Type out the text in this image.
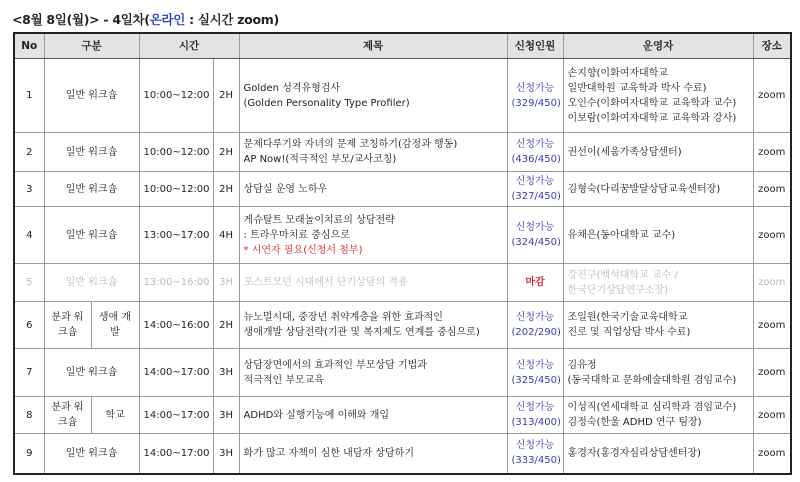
<8월 8일(월)> - 4일차(온라인 : 실시간 zoom)
No	구분		시간		제목	신청인원	운영자	장소
1	일반 워크숍		10:00~12:00	2H	Golden 성격유형검사
(Golden Personality Type Profiler)	신청가능
(329/450)	손지향(이화여자대학교
일반대학원 교육학과 박사 수료)
오인수(이화여자대학교 교육학과 교수)
이보람(이화여자대학교 교육학과 강사)	zoom
2	일반 워크숍		10:00~12:00	2H	문제다루기와 자녀의 문제 코칭하기(감정과 행동)
AP Now!(적극적인 부모/교사코칭)	신청가능
(436/450)	권선이(세움가족상담센터)	zoom
3	일반 워크숍		10:00~12:00	2H	상담실 운영 노하우	신청가능
(327/450)	김형숙(다리꿈발달상담교육센터장)	zoom
4	일반 워크숍		13:00~17:00	4H	게슈탈트 모래놀이치료의 상담전략
: 트라우마치료 중심으로
* 시연자 필요(신청서 첨부)	신청가능
(324/450)	유채은(동아대학교 교수)	zoom
5	일반 워크숍		13:00~16:00	3H	포스트모던 시대에서 단기상담의 적용	마감	강진구(백석대학교 교수 /
한국단기상담연구소장)	zoom
6	분과 워크숍	생애 개발	14:00~16:00	2H	뉴노멀시대, 중장년 취약계층을 위한 효과적인
생애개발 상담전략(기관 및 복지제도 연계를 중심으로)	신청가능
(202/290)	조일원(한국기술교육대학교
진로 및 직업상담 박사 수료)	zoom
7	일반 워크숍		14:00~17:00	3H	상담장면에서의 효과적인 부모상담 기법과
적극적인 부모교육	신청가능
(325/450)	김유정
(동국대학교 문화예술대학원 겸임교수)	zoom
8	분과 워크숍	학교	14:00~17:00	3H	ADHD와 실행기능에 이해와 개입	신청가능
(313/400)	이성직(연세대학교 심리학과 겸임교수)
김정숙(한울 ADHD 연구 팀장)	zoom
9	일반 워크숍		14:00~17:00	3H	화가 많고 자책이 심한 내담자 상담하기	신청가능
(333/450)	홍경자(홍경자심리상담센터장)	zoom
